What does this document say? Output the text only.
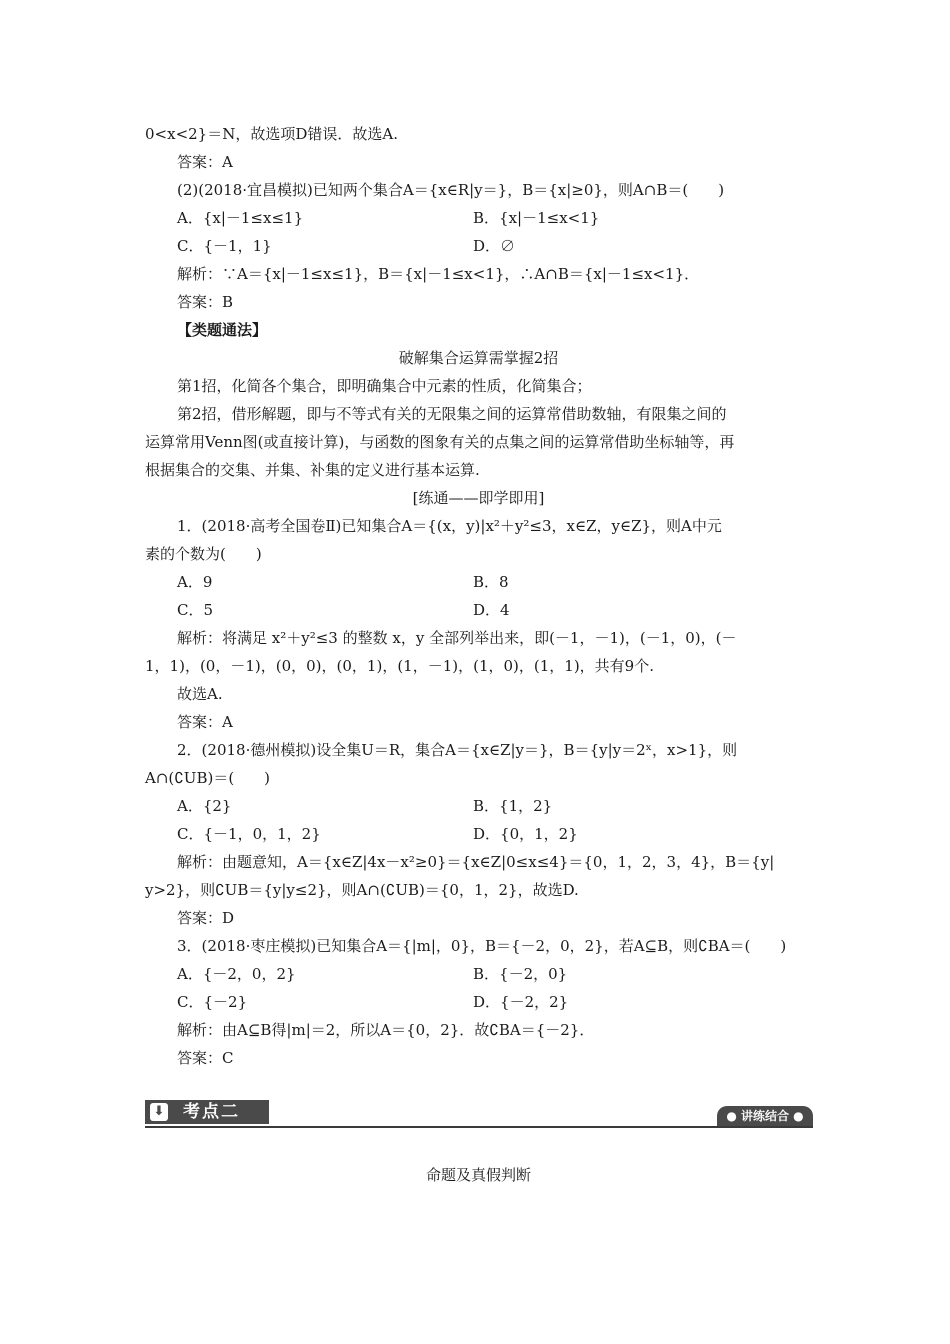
0<x<2}＝N，故选项D错误．故选A.
答案：A
(2)(2018·宜昌模拟)已知两个集合A＝{x∈R|y＝}，B＝{x|≥0}，则A∩B＝(　　)
A．{x|－1≤x≤1}	B．{x|－1≤x<1}
C．{－1，1}	D．∅
解析：∵A＝{x|－1≤x≤1}，B＝{x|－1≤x<1}，∴A∩B＝{x|－1≤x<1}．
答案：B
【类题通法】
破解集合运算需掌握2招
第1招，化简各个集合，即明确集合中元素的性质，化简集合；
第2招，借形解题，即与不等式有关的无限集之间的运算常借助数轴，有限集之间的
运算常用Venn图(或直接计算)，与函数的图象有关的点集之间的运算常借助坐标轴等，再
根据集合的交集、并集、补集的定义进行基本运算.
[练通——即学即用]
1．(2018·高考全国卷Ⅱ)已知集合A＝{(x，y)|x²＋y²≤3，x∈Z，y∈Z}，则A中元
素的个数为(　　)
A．9	B．8
C．5	D．4
解析：将满足 x²＋y²≤3 的整数 x，y 全部列举出来，即(－1，－1)，(－1，0)，(－
1，1)，(0，－1)，(0，0)，(0，1)，(1，－1)，(1，0)，(1，1)，共有9个.
故选A.
答案：A
2．(2018·德州模拟)设全集U＝R，集合A＝{x∈Z|y＝}，B＝{y|y＝2ˣ，x>1}，则
A∩(∁UB)＝(　　)
A．{2}	B．{1，2}
C．{－1，0，1，2}	D．{0，1，2}
解析：由题意知，A＝{x∈Z|4x－x²≥0}＝{x∈Z|0≤x≤4}＝{0，1，2，3，4}，B＝{y|
y>2}，则∁UB＝{y|y≤2}，则A∩(∁UB)＝{0，1，2}，故选D.
答案：D
3．(2018·枣庄模拟)已知集合A＝{|m|，0}，B＝{－2，0，2}，若A⊆B，则∁BA＝(　　)
A．{－2，0，2}	B．{－2，0}
C．{－2}	D．{－2，2}
解析：由A⊆B得|m|＝2，所以A＝{0，2}．故∁BA＝{－2}．
答案：C
⬇ 考点二	● 讲练结合 ●
命题及真假判断
